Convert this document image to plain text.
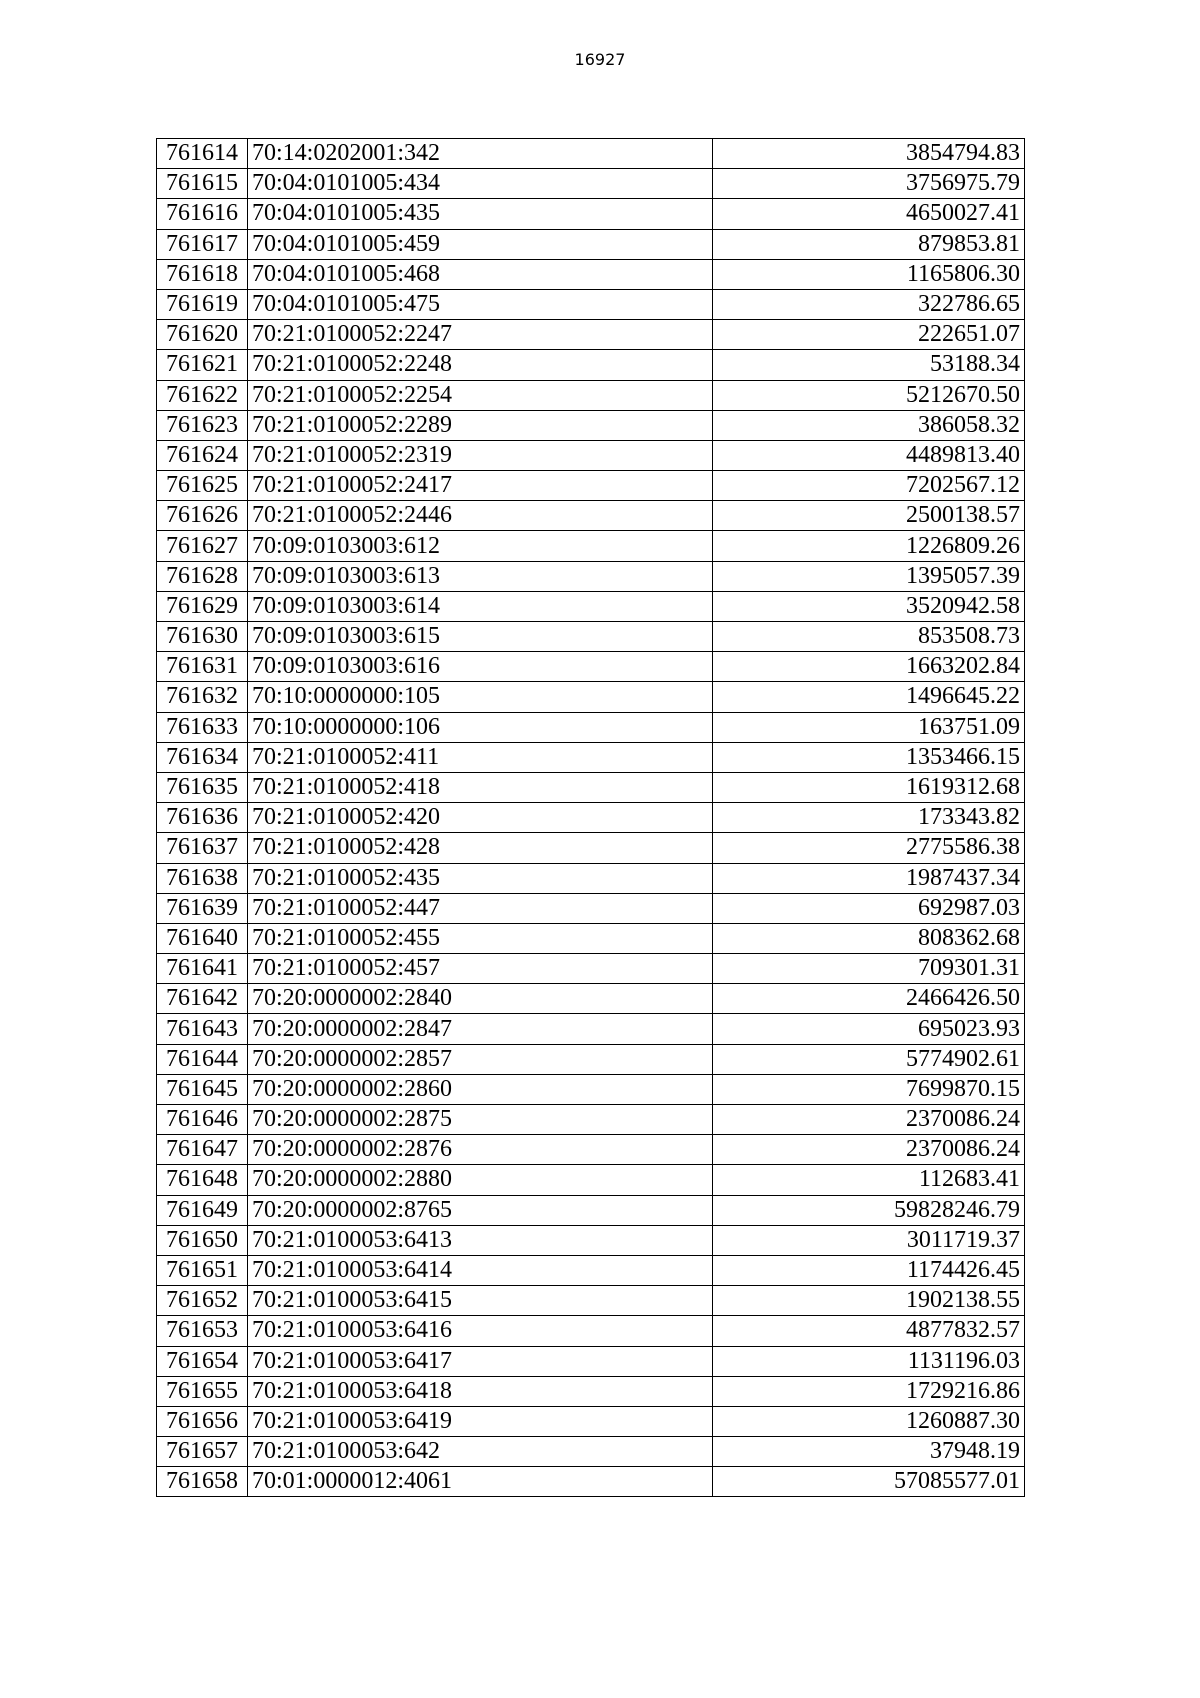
16927
761614	70:14:0202001:342	3854794.83
761615	70:04:0101005:434	3756975.79
761616	70:04:0101005:435	4650027.41
761617	70:04:0101005:459	879853.81
761618	70:04:0101005:468	1165806.30
761619	70:04:0101005:475	322786.65
761620	70:21:0100052:2247	222651.07
761621	70:21:0100052:2248	53188.34
761622	70:21:0100052:2254	5212670.50
761623	70:21:0100052:2289	386058.32
761624	70:21:0100052:2319	4489813.40
761625	70:21:0100052:2417	7202567.12
761626	70:21:0100052:2446	2500138.57
761627	70:09:0103003:612	1226809.26
761628	70:09:0103003:613	1395057.39
761629	70:09:0103003:614	3520942.58
761630	70:09:0103003:615	853508.73
761631	70:09:0103003:616	1663202.84
761632	70:10:0000000:105	1496645.22
761633	70:10:0000000:106	163751.09
761634	70:21:0100052:411	1353466.15
761635	70:21:0100052:418	1619312.68
761636	70:21:0100052:420	173343.82
761637	70:21:0100052:428	2775586.38
761638	70:21:0100052:435	1987437.34
761639	70:21:0100052:447	692987.03
761640	70:21:0100052:455	808362.68
761641	70:21:0100052:457	709301.31
761642	70:20:0000002:2840	2466426.50
761643	70:20:0000002:2847	695023.93
761644	70:20:0000002:2857	5774902.61
761645	70:20:0000002:2860	7699870.15
761646	70:20:0000002:2875	2370086.24
761647	70:20:0000002:2876	2370086.24
761648	70:20:0000002:2880	112683.41
761649	70:20:0000002:8765	59828246.79
761650	70:21:0100053:6413	3011719.37
761651	70:21:0100053:6414	1174426.45
761652	70:21:0100053:6415	1902138.55
761653	70:21:0100053:6416	4877832.57
761654	70:21:0100053:6417	1131196.03
761655	70:21:0100053:6418	1729216.86
761656	70:21:0100053:6419	1260887.30
761657	70:21:0100053:642	37948.19
761658	70:01:0000012:4061	57085577.01
